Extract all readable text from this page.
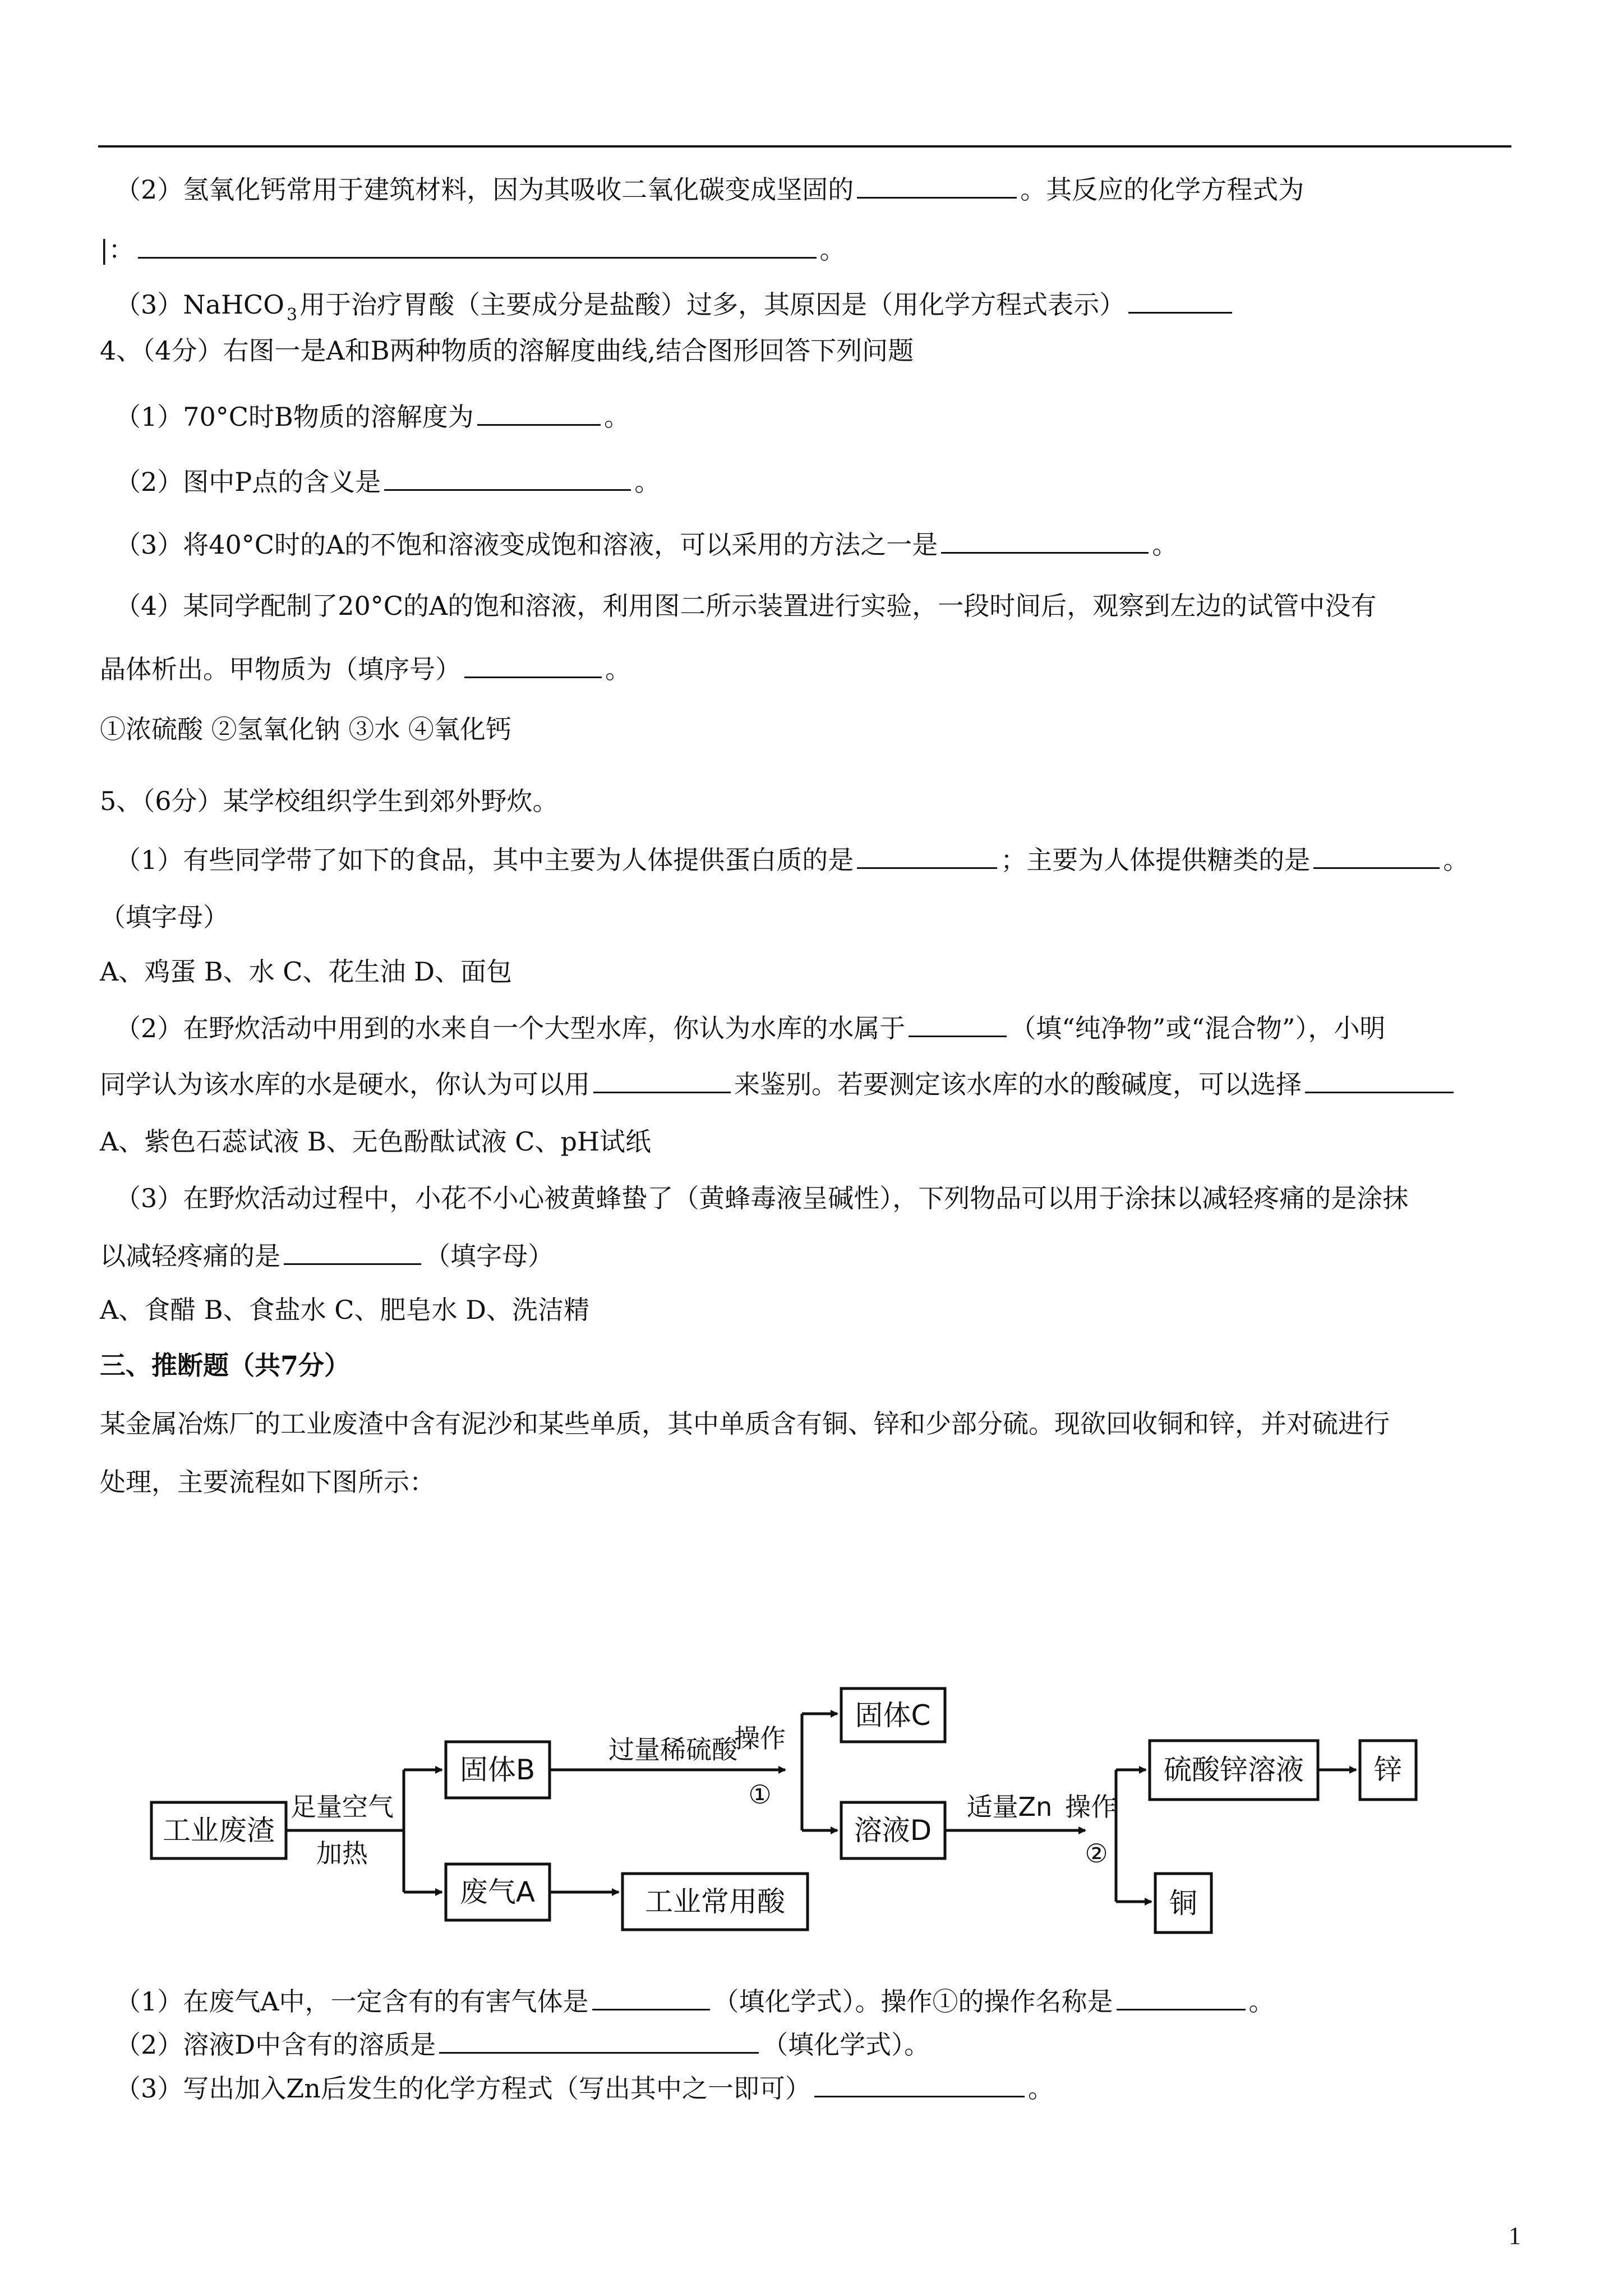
（2）氢氧化钙常用于建筑材料，因为其吸收二氧化碳变成坚固的	。其反应的化学方程式为
|：	。
（3）NaHCO $_3$用于治疗胃酸（主要成分是盐酸）过多，其原因是（用化学方程式表示）
4、（4分）右图一是A和B两种物质的溶解度曲线,结合图形回答下列问题
（1）70°C时B物质的溶解度为	。
（2）图中P点的含义是	。
（3）将40°C时的A的不饱和溶液变成饱和溶液，可以采用的方法之一是	。
（4）某同学配制了20°C的A的饱和溶液，利用图二所示装置进行实验，一段时间后，观察到左边的试管中没有
晶体析出。甲物质为（填序号）	。
①浓硫酸 ②氢氧化钠 ③水 ④氧化钙
5、（6分）某学校组织学生到郊外野炊。
（1）有些同学带了如下的食品，其中主要为人体提供蛋白质的是	；主要为人体提供糖类的是	。
（填字母）
A、鸡蛋 B、水 C、花生油 D、面包
（2）在野炊活动中用到的水来自一个大型水库，你认为水库的水属于	（填“纯净物”或“混合物”），小明
同学认为该水库的水是硬水，你认为可以用	来鉴别。若要测定该水库的水的酸碱度，可以选择
A、紫色石蕊试液 B、无色酚酞试液 C、pH试纸
（3）在野炊活动过程中，小花不小心被黄蜂蛰了（黄蜂毒液呈碱性），下列物品可以用于涂抹以减轻疼痛的是涂抹
以减轻疼痛的是	（填字母）
A、食醋 B、食盐水 C、肥皂水 D、洗洁精
三、推断题（共7分）
某金属冶炼厂的工业废渣中含有泥沙和某些单质，其中单质含有铜、锌和少部分硫。现欲回收铜和锌，并对硫进行
处理，主要流程如下图所示：
工业废渣
足量空气
加热
固体B
废气A	工业常用酸
过量稀硫酸
操作
①
固体C
溶液D
适量Zn 操作
②
硫酸锌溶液	锌
铜
（1）在废气A中，一定含有的有害气体是	（填化学式）。操作①的操作名称是	。
（2）溶液D中含有的溶质是	（填化学式）。
（3）写出加入Zn后发生的化学方程式（写出其中之一即可）	。
1
